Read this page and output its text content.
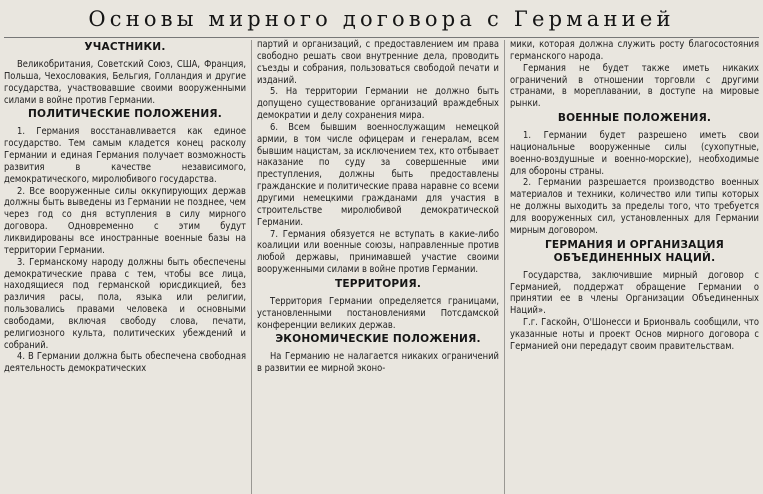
Основы мирного договора с Германией
УЧАСТНИКИ.

Великобритания, Советский Союз, США, Франция, Польша, Чехословакия, Бельгия, Голландия и другие государства, участвовавшие своими вооруженными силами в войне против Германии.

ПОЛИТИЧЕСКИЕ ПОЛОЖЕНИЯ.

1. Германия восстанавливается как единое государство. Тем самым кладется конец расколу Германии и единая Германия получает возможность развития в качестве независимого, демократического, миролюбивого государства.

2. Все вооруженные силы оккупирующих держав должны быть выведены из Германии не позднее, чем через год со дня вступления в силу мирного договора. Одновременно с этим будут ликвидированы все иностранные военные базы на территории Германии.

3. Германскому народу должны быть обеспечены демократические права с тем, чтобы все лица, находящиеся под германской юрисдикцией, без различия расы, пола, языка или религии, пользовались правами человека и основными свободами, включая свободу слова, печати, религиозного культа, политических убеждений и собраний.

4. В Германии должна быть обеспечена свободная деятельность демократических

партий и организаций, с предоставлением им права свободно решать свои внутренние дела, проводить съезды и собрания, пользоваться свободой печати и изданий.

5. На территории Германии не должно быть допущено существование организаций враждебных демократии и делу сохранения мира.

6. Всем бывшим военнослужащим немецкой армии, в том числе офицерам и генералам, всем бывшим нацистам, за исключением тех, кто отбывает наказание по суду за совершенные ими преступления, должны быть предоставлены гражданские и политические права наравне со всеми другими немецкими гражданами для участия в строительстве миролюбивой демократической Германии.

7. Германия обязуется не вступать в какие-либо коалиции или военные союзы, направленные против любой державы, принимавшей участие своими вооруженными силами в войне против Германии.

ТЕРРИТОРИЯ.

Территория Германии определяется границами, установленными постановлениями Потсдамской конференции великих держав.

ЭКОНОМИЧЕСКИЕ ПОЛОЖЕНИЯ.

На Германию не налагается никаких ограничений в развитии ее мирной эконо-

мики, которая должна служить росту благосостояния германского народа.

Германия не будет также иметь никаких ограничений в отношении торговли с другими странами, в мореплавании, в доступе на мировые рынки.

ВОЕННЫЕ ПОЛОЖЕНИЯ.

1. Германии будет разрешено иметь свои национальные вооруженные силы (сухопутные, военно-воздушные и военно-морские), необходимые для обороны страны.

2. Германии разрешается производство военных материалов и техники, количество или типы которых не должны выходить за пределы того, что требуется для вооруженных сил, установленных для Германии мирным договором.

ГЕРМАНИЯ И ОРГАНИЗАЦИЯ ОБЪЕДИНЕННЫХ НАЦИЙ.

Государства, заключившие мирный договор с Германией, поддержат обращение Германии о принятии ее в члены Организации Объединенных Наций».

Г.г. Гаскойн, О'Шонесси и Брионваль сообщили, что указанные ноты и проект Основ мирного договора с Германией они передадут своим правительствам.
